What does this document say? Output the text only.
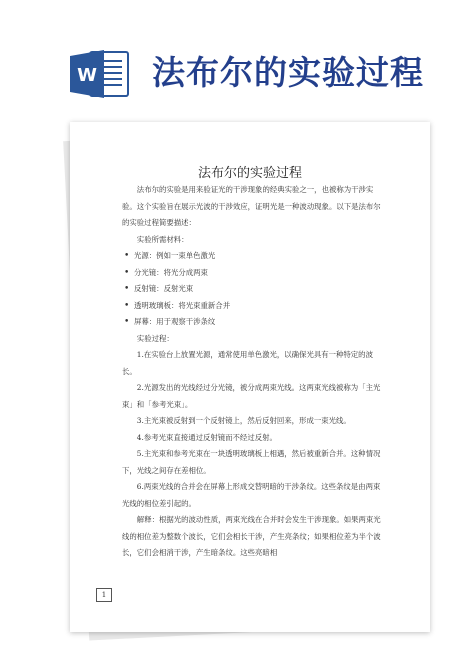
W 法布尔的实验过程
法布尔的实验过程

法布尔的实验是用来验证光的干涉现象的经典实验之一，也被称为干涉实验。这个实验旨在展示光波的干涉效应，证明光是一种波动现象。以下是法布尔的实验过程简要描述：

实验所需材料：

• 光源：例如一束单色激光

• 分光镜：将光分成两束

• 反射镜：反射光束

• 透明玻璃板：将光束重新合并

• 屏幕：用于观察干涉条纹

实验过程：

1.在实验台上放置光源，通常使用单色激光，以确保光具有一种特定的波长。

2.光源发出的光线经过分光镜，被分成两束光线。这两束光线被称为「主光束」和「参考光束」。

3.主光束被反射到一个反射镜上，然后反射回来，形成一束光线。

4.参考光束直接通过反射镜而不经过反射。

5.主光束和参考光束在一块透明玻璃板上相遇，然后被重新合并。这种情况下，光线之间存在差相位。

6.两束光线的合并会在屏幕上形成交替明暗的干涉条纹。这些条纹是由两束光线的相位差引起的。

解释：根据光的波动性质，两束光线在合并时会发生干涉现象。如果两束光线的相位差为整数个波长，它们会相长干涉，产生亮条纹；如果相位差为半个波长，它们会相消干涉，产生暗条纹。这些亮暗相

1
